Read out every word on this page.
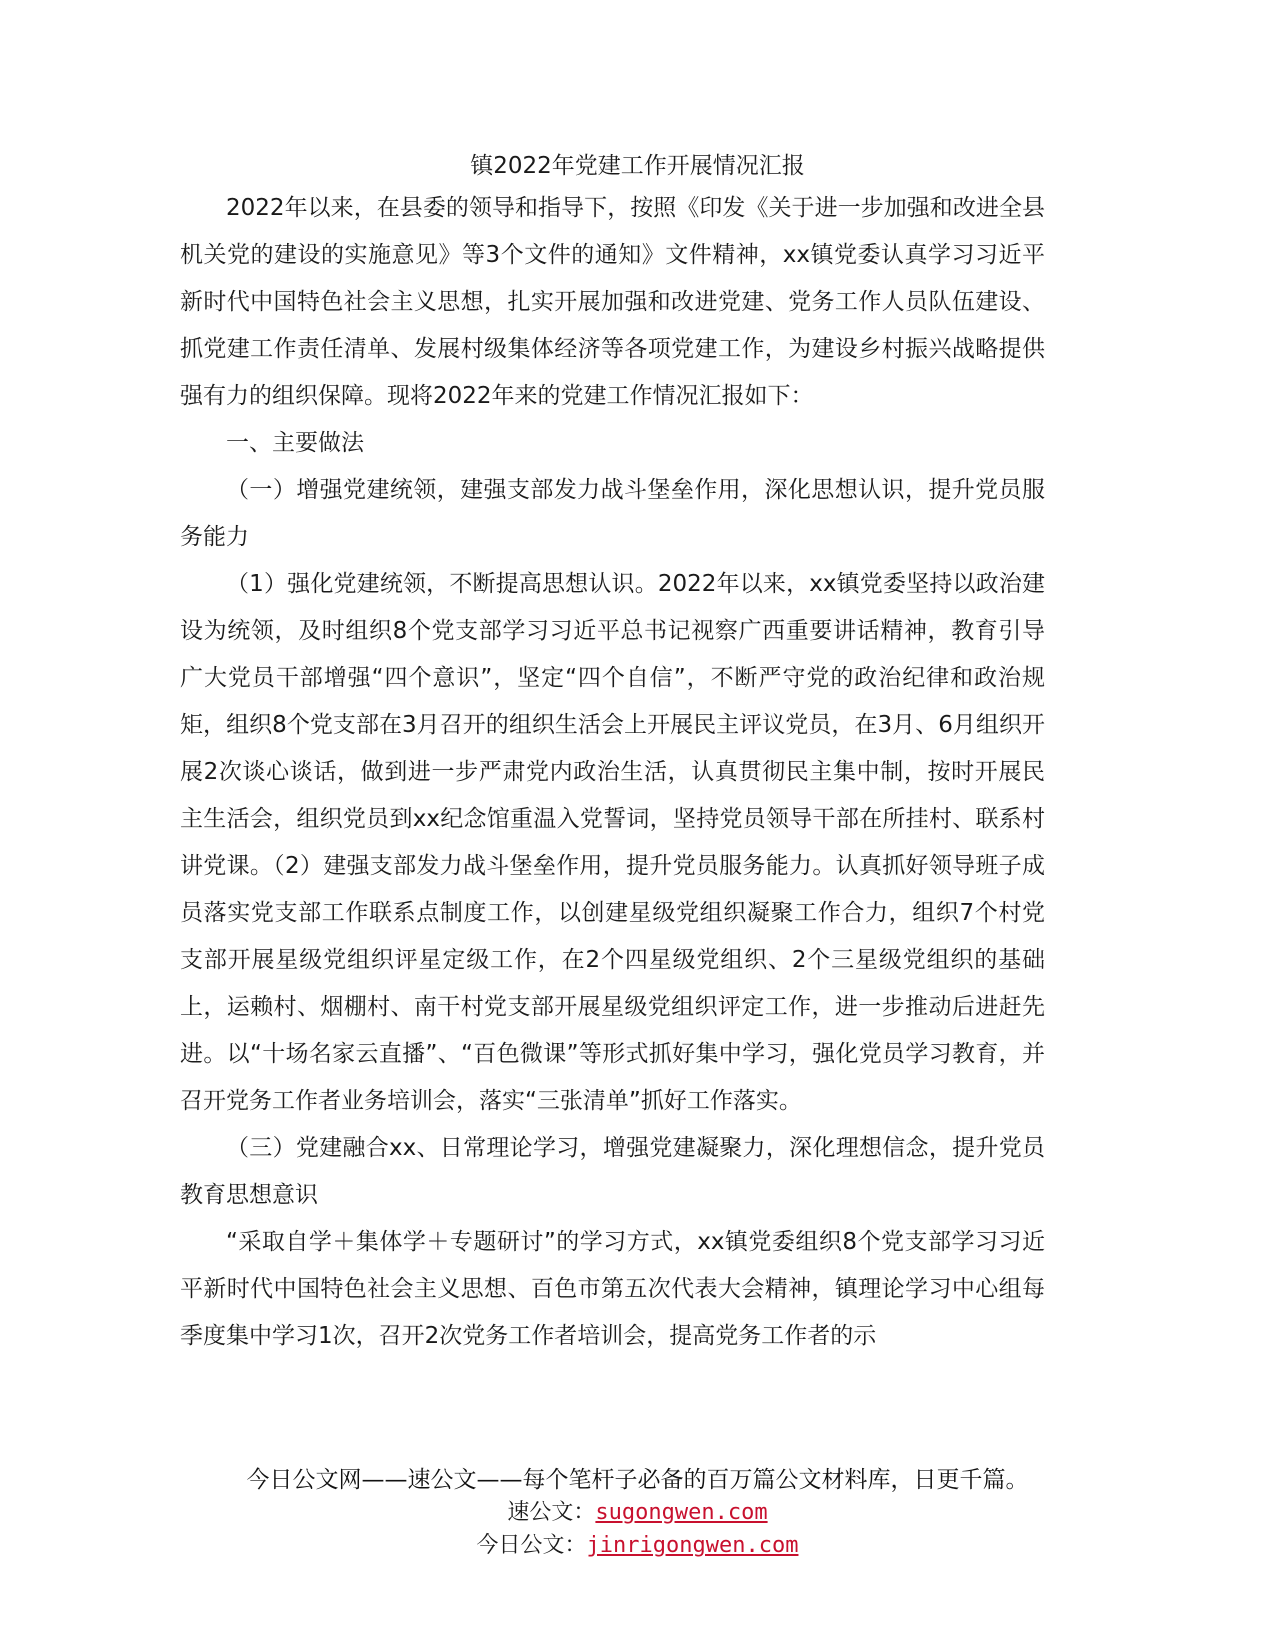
镇2022年党建工作开展情况汇报

2022年以来，在县委的领导和指导下，按照《印发《关于进一步加强和改进全县机关党的建设的实施意见》等3个文件的通知》文件精神，xx镇党委认真学习习近平新时代中国特色社会主义思想，扎实开展加强和改进党建、党务工作人员队伍建设、抓党建工作责任清单、发展村级集体经济等各项党建工作，为建设乡村振兴战略提供强有力的组织保障。现将2022年来的党建工作情况汇报如下：

一、主要做法

（一）增强党建统领，建强支部发力战斗堡垒作用，深化思想认识，提升党员服务能力

（1）强化党建统领，不断提高思想认识。2022年以来，xx镇党委坚持以政治建设为统领，及时组织8个党支部学习习近平总书记视察广西重要讲话精神，教育引导广大党员干部增强“四个意识”，坚定“四个自信”，不断严守党的政治纪律和政治规矩，组织8个党支部在3月召开的组织生活会上开展民主评议党员，在3月、6月组织开展2次谈心谈话，做到进一步严肃党内政治生活，认真贯彻民主集中制，按时开展民主生活会，组织党员到xx纪念馆重温入党誓词，坚持党员领导干部在所挂村、联系村讲党课。（2）建强支部发力战斗堡垒作用，提升党员服务能力。认真抓好领导班子成员落实党支部工作联系点制度工作，以创建星级党组织凝聚工作合力，组织7个村党支部开展星级党组织评星定级工作，在2个四星级党组织、2个三星级党组织的基础上，运赖村、烟棚村、南干村党支部开展星级党组织评定工作，进一步推动后进赶先进。以“十场名家云直播”、“百色微课”等形式抓好集中学习，强化党员学习教育，并召开党务工作者业务培训会，落实“三张清单”抓好工作落实。

（三）党建融合xx、日常理论学习，增强党建凝聚力，深化理想信念，提升党员教育思想意识

“采取自学＋集体学＋专题研讨”的学习方式，xx镇党委组织8个党支部学习习近平新时代中国特色社会主义思想、百色市第五次代表大会精神，镇理论学习中心组每季度集中学习1次，召开2次党务工作者培训会，提高党务工作者的示

今日公文网——速公文——每个笔杆子必备的百万篇公文材料库，日更千篇。
速公文：sugongwen.com
今日公文：jinrigongwen.com
